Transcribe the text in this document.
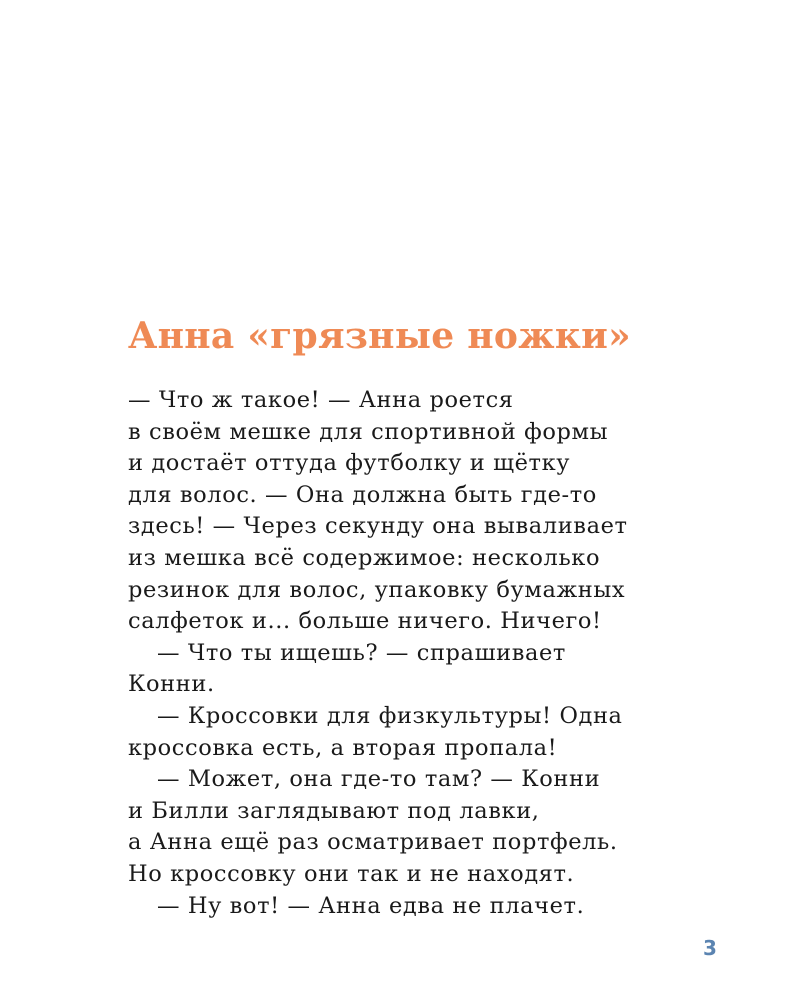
Анна «грязные ножки»
— Что ж такое! — Анна роется
в своём мешке для спортивной формы
и достаёт оттуда футболку и щётку
для волос. — Она должна быть где-то
здесь! — Через секунду она вываливает
из мешка всё содержимое: несколько
резинок для волос, упаковку бумажных
салфеток и... больше ничего. Ничего!
— Что ты ищешь? — спрашивает
Конни.
— Кроссовки для физкультуры! Одна
кроссовка есть, а вторая пропала!
— Может, она где-то там? — Конни
и Билли заглядывают под лавки,
а Анна ещё раз осматривает портфель.
Но кроссовку они так и не находят.
— Ну вот! — Анна едва не плачет.
3
